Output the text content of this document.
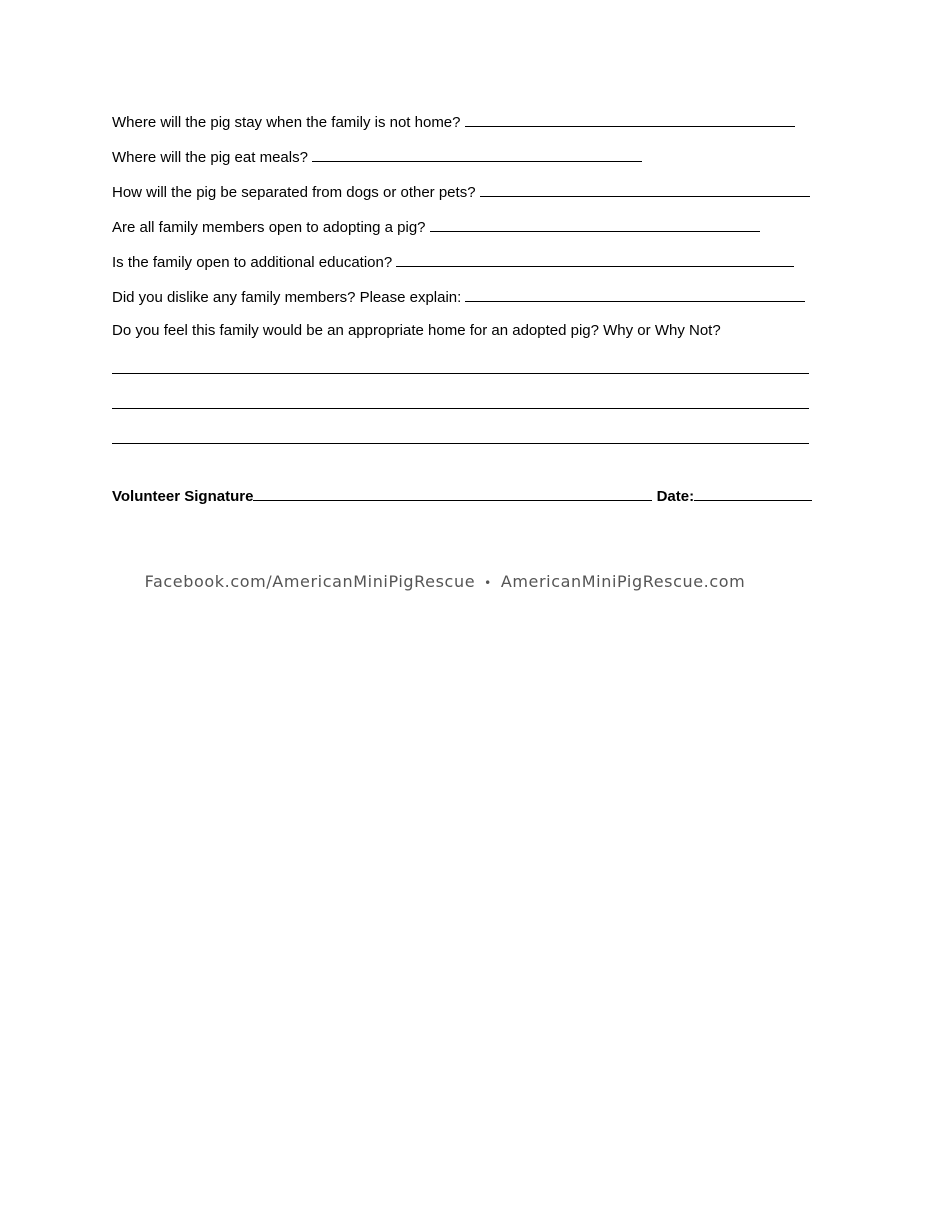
Where will the pig stay when the family is not home?
Where will the pig eat meals?
How will the pig be separated from dogs or other pets?
Are all family members open to adopting a pig?
Is the family open to additional education?
Did you dislike any family members? Please explain:
Do you feel this family would be an appropriate home for an adopted pig? Why or Why Not?
Volunteer Signature	Date:
Facebook.com/AmericanMiniPigRescue • AmericanMiniPigRescue.com
